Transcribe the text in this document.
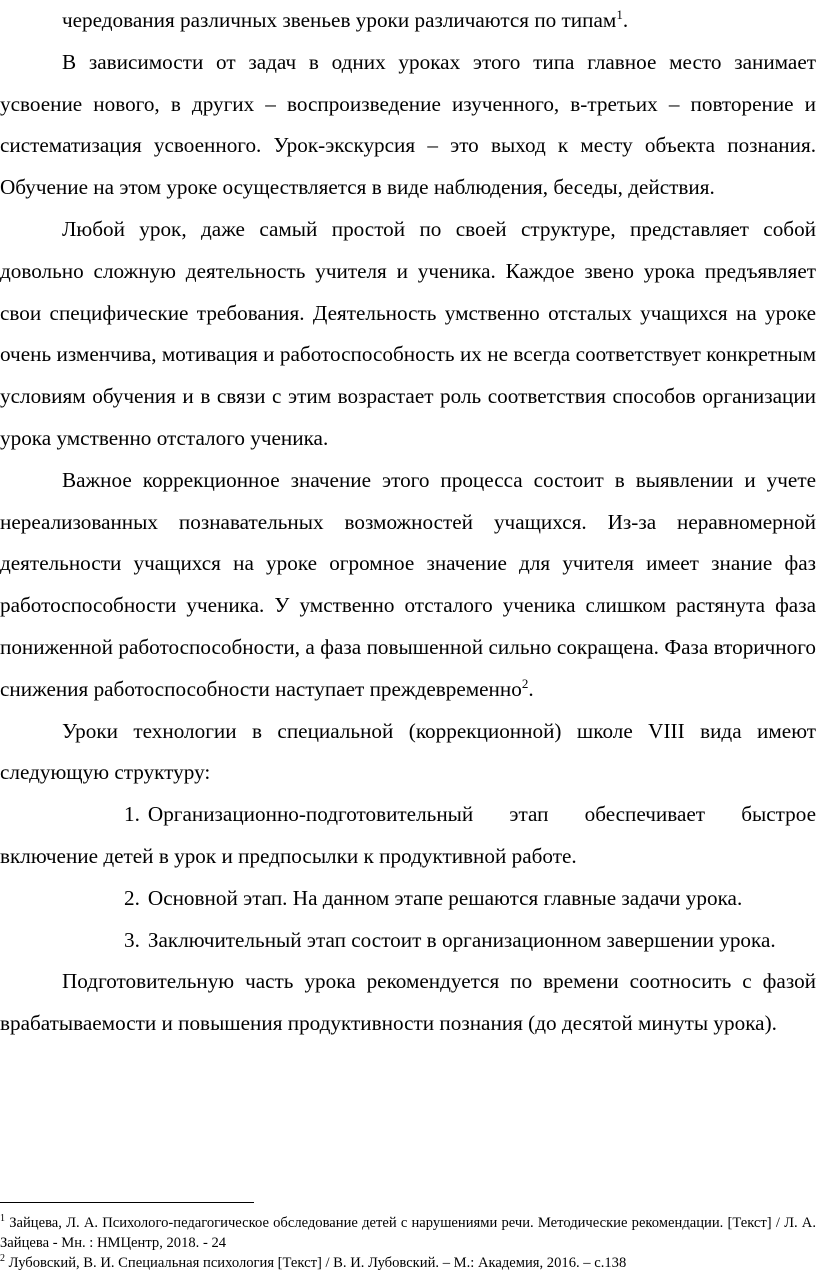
чередования различных звеньев уроки различаются по типам$^1$.

В зависимости от задач в одних уроках этого типа главное место занимает усвоение нового, в других – воспроизведение изученного, в-третьих – повторение и систематизация усвоенного. Урок-экскурсия – это выход к месту объекта познания. Обучение на этом уроке осуществляется в виде наблюдения, беседы, действия.

Любой урок, даже самый простой по своей структуре, представляет собой довольно сложную деятельность учителя и ученика. Каждое звено урока предъявляет свои специфические требования. Деятельность умственно отсталых учащихся на уроке очень изменчива, мотивация и работоспособность их не всегда соответствует конкретным условиям обучения и в связи с этим возрастает роль соответствия способов организации урока умственно отсталого ученика.

Важное коррекционное значение этого процесса состоит в выявлении и учете нереализованных познавательных возможностей учащихся. Из-за неравномерной деятельности учащихся на уроке огромное значение для учителя имеет знание фаз работоспособности ученика. У умственно отсталого ученика слишком растянута фаза пониженной работоспособности, а фаза повышенной сильно сокращена. Фаза вторичного снижения работоспособности наступает преждевременно$^2$.

Уроки технологии в специальной (коррекционной) школе VIII вида имеют следующую структуру:

1. Организационно-подготовительный этап обеспечивает быстрое включение детей в урок и предпосылки к продуктивной работе.

2. Основной этап. На данном этапе решаются главные задачи урока.

3. Заключительный этап состоит в организационном завершении урока.

Подготовительную часть урока рекомендуется по времени соотносить с фазой врабатываемости и повышения продуктивности познания (до десятой минуты урока).

$^1$ Зайцева, Л. А. Психолого-педагогическое обследование детей с нарушениями речи. Методические рекомендации. [Текст] / Л. А. Зайцева - Мн. : НМЦентр, 2018. - 24

$^2$ Лубовский, В. И. Специальная психология [Текст] / В. И. Лубовский. – М.: Академия, 2016. – с.138
